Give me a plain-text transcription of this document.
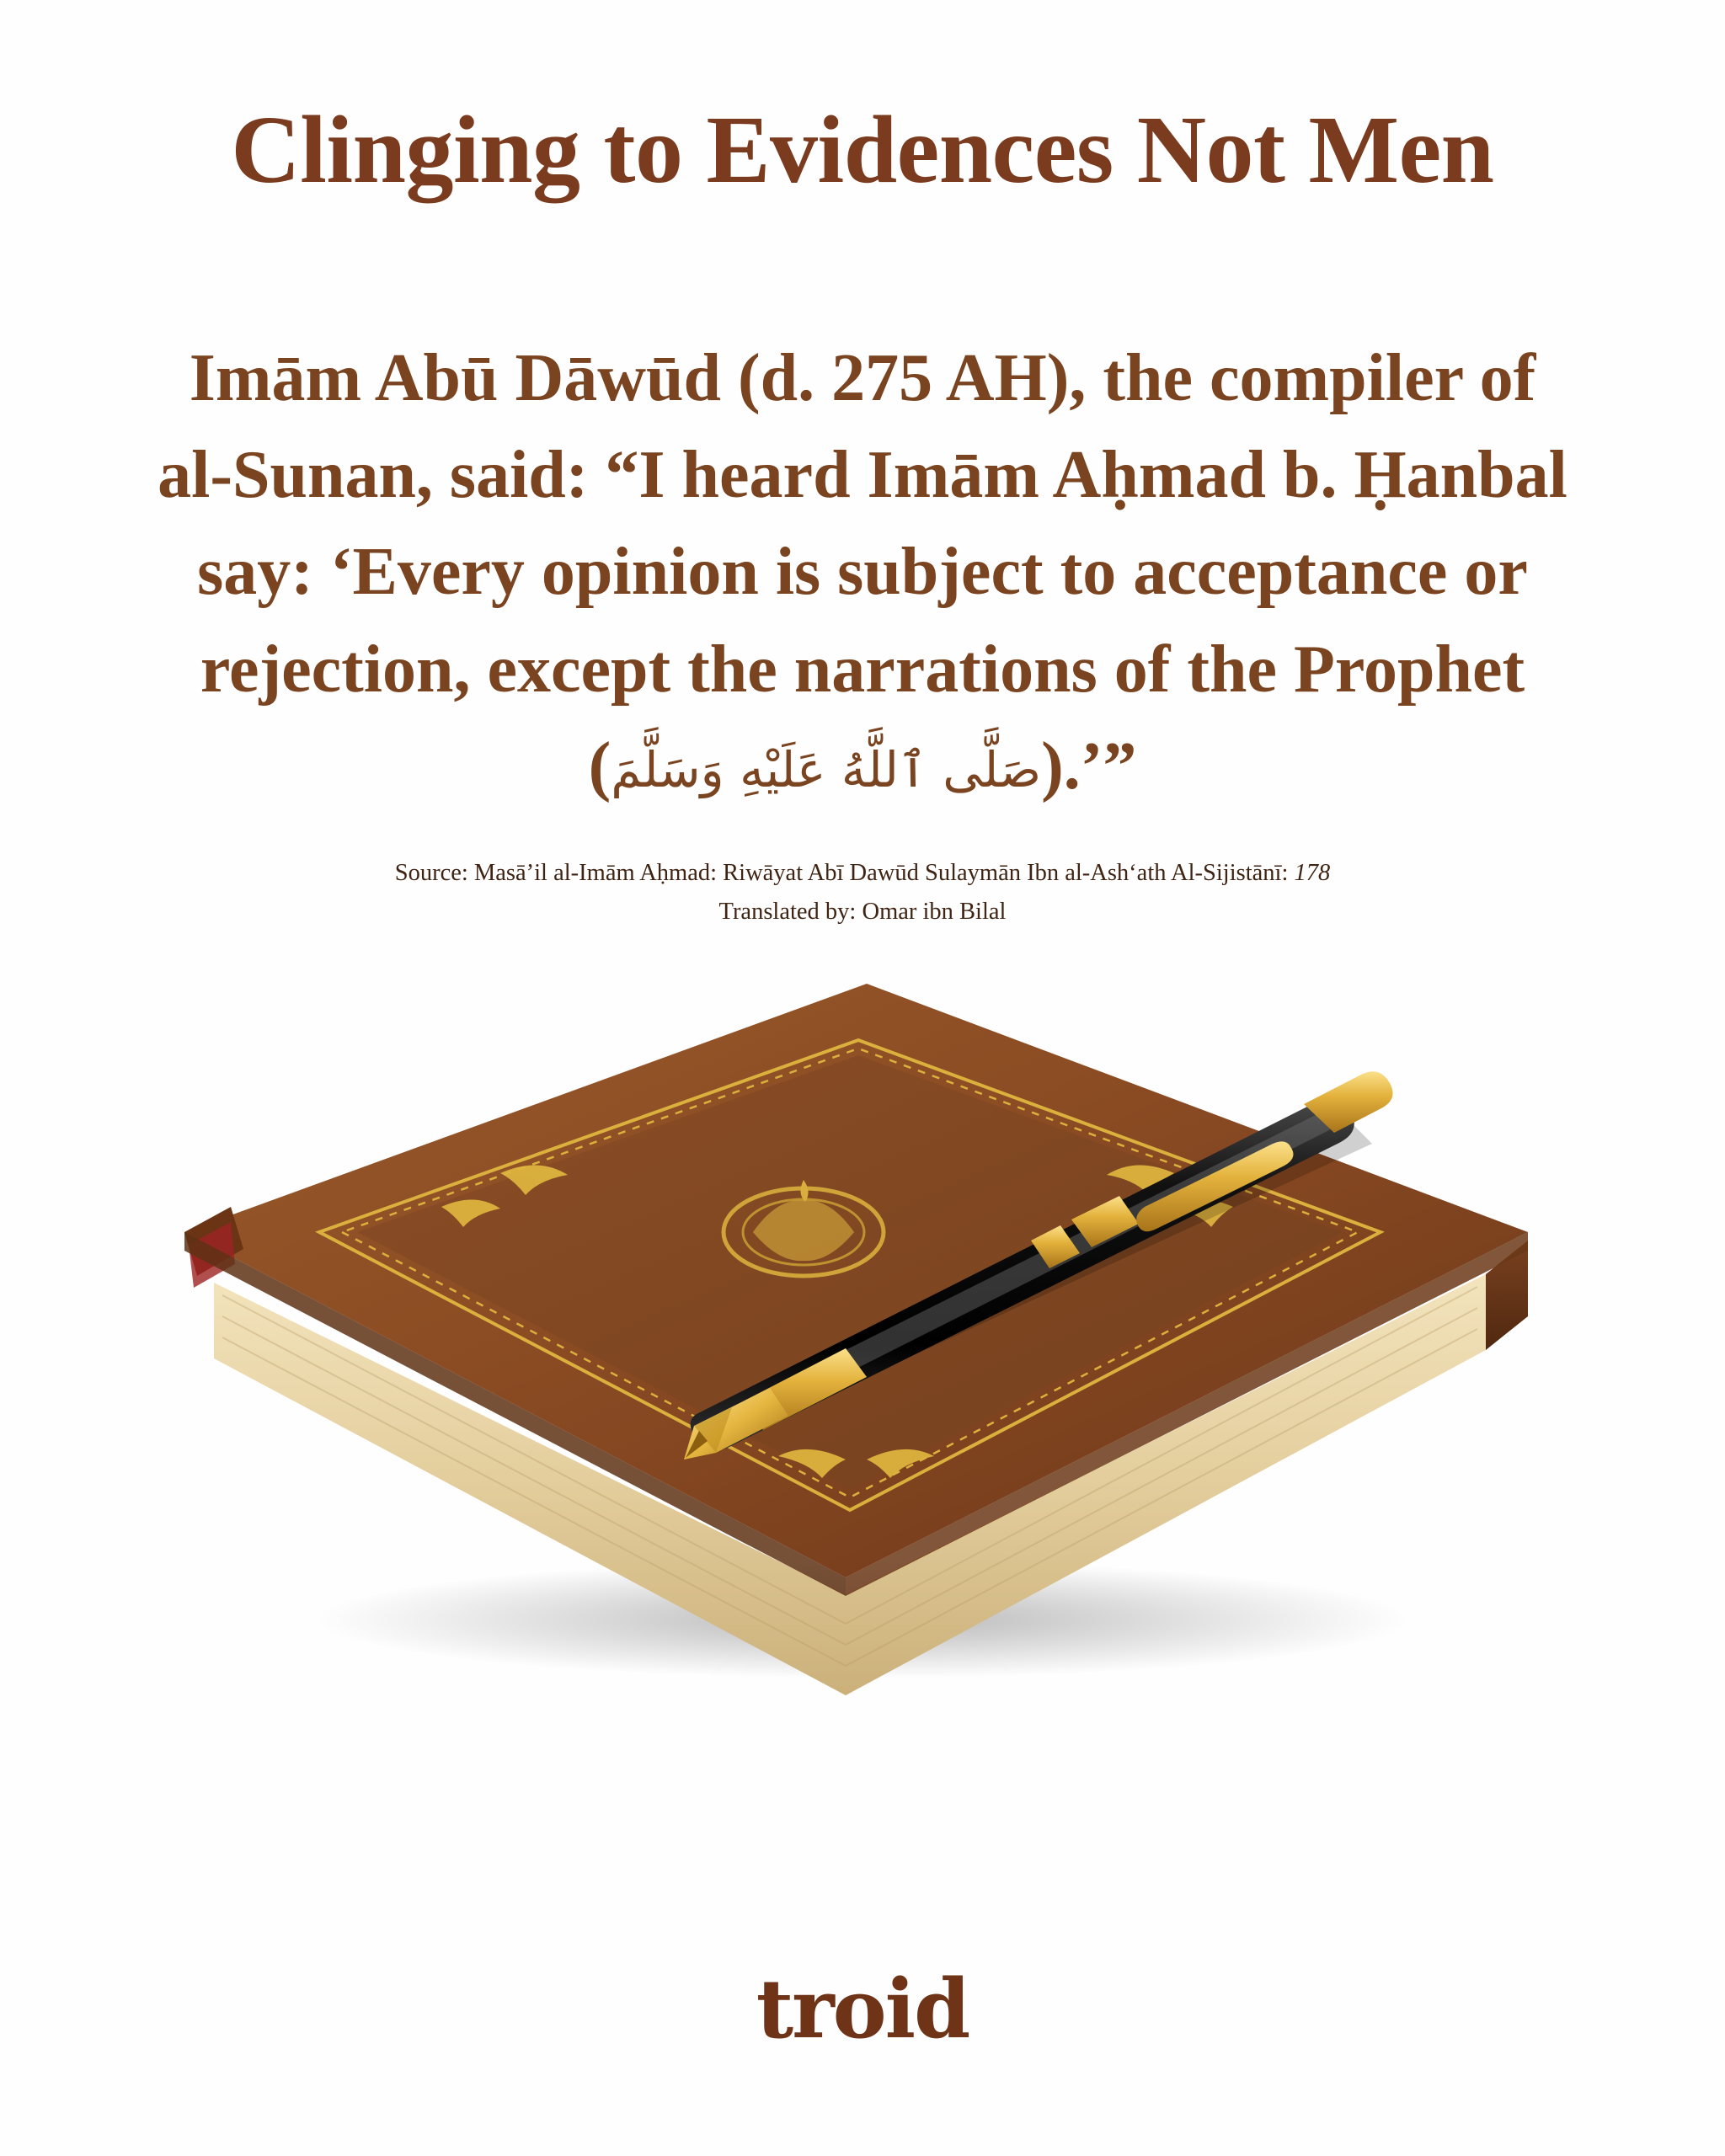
Clinging to Evidences Not Men
Imām Abū Dāwūd (d. 275 AH), the compiler of al-Sunan, said: “I heard Imām Aḥmad b. Ḥanbal say: ‘Every opinion is subject to acceptance or rejection, except the narrations of the Prophet (صَلَّى ٱللَّهُ عَلَيْهِ وَسَلَّمَ).’”
Source: Masā’il al-Imām Aḥmad: Riwāyat Abī Dawūd Sulaymān Ibn al-Ash‘ath Al-Sijistānī: 178
Translated by: Omar ibn Bilal
troid
